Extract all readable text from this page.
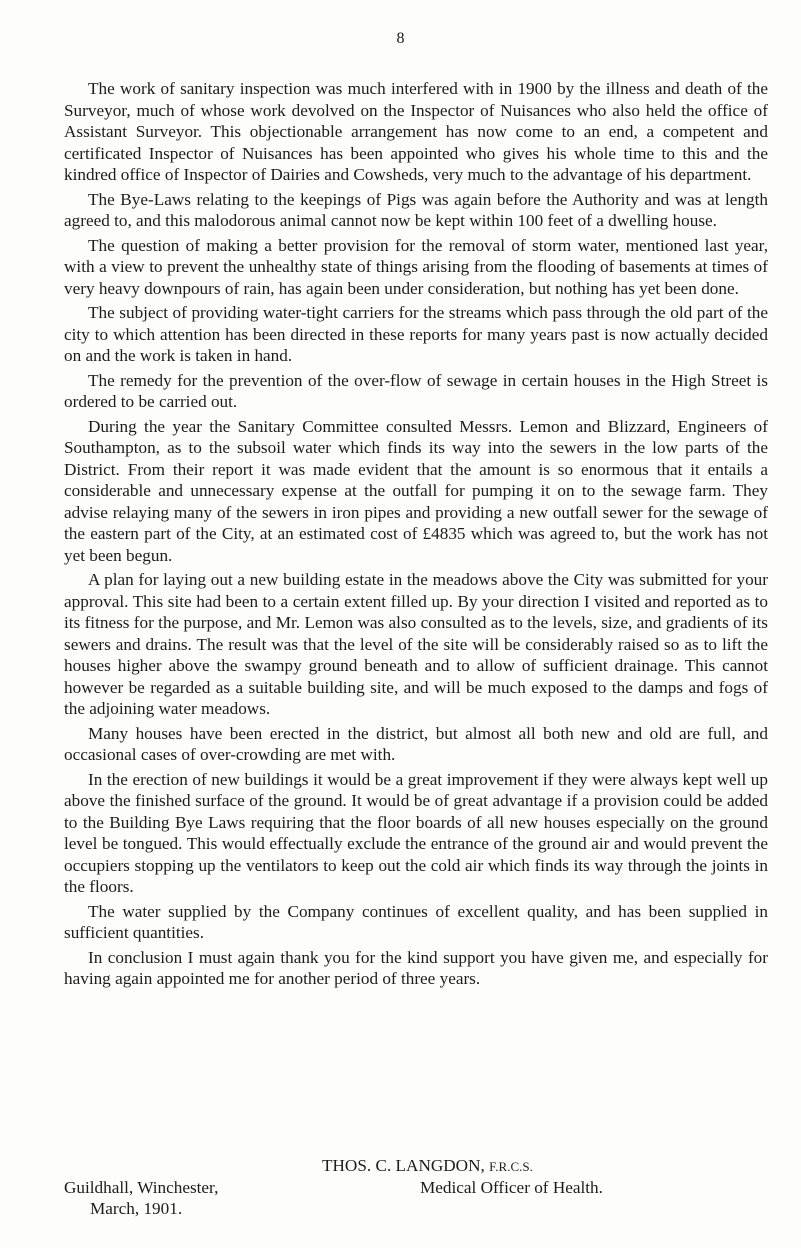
8

The work of sanitary inspection was much interfered with in 1900 by the illness and death of the Surveyor, much of whose work devolved on the Inspector of Nuisances who also held the office of Assistant Surveyor. This objectionable arrangement has now come to an end, a competent and certificated Inspector of Nuisances has been appointed who gives his whole time to this and the kindred office of Inspector of Dairies and Cowsheds, very much to the advantage of his department.

The Bye-Laws relating to the keepings of Pigs was again before the Authority and was at length agreed to, and this malodorous animal cannot now be kept within 100 feet of a dwelling house.

The question of making a better provision for the removal of storm water, mentioned last year, with a view to prevent the unhealthy state of things arising from the flooding of basements at times of very heavy downpours of rain, has again been under consideration, but nothing has yet been done.

The subject of providing water-tight carriers for the streams which pass through the old part of the city to which attention has been directed in these reports for many years past is now actually decided on and the work is taken in hand.

The remedy for the prevention of the over-flow of sewage in certain houses in the High Street is ordered to be carried out.

During the year the Sanitary Committee consulted Messrs. Lemon and Blizzard, Engineers of Southampton, as to the subsoil water which finds its way into the sewers in the low parts of the District. From their report it was made evident that the amount is so enormous that it entails a considerable and unnecessary expense at the outfall for pumping it on to the sewage farm. They advise relaying many of the sewers in iron pipes and providing a new outfall sewer for the sewage of the eastern part of the City, at an estimated cost of £4835 which was agreed to, but the work has not yet been begun.

A plan for laying out a new building estate in the meadows above the City was submitted for your approval. This site had been to a certain extent filled up. By your direction I visited and reported as to its fitness for the purpose, and Mr. Lemon was also consulted as to the levels, size, and gradients of its sewers and drains. The result was that the level of the site will be considerably raised so as to lift the houses higher above the swampy ground beneath and to allow of sufficient drainage. This cannot however be regarded as a suitable building site, and will be much exposed to the damps and fogs of the adjoining water meadows.

Many houses have been erected in the district, but almost all both new and old are full, and occasional cases of over-crowding are met with.

In the erection of new buildings it would be a great improvement if they were always kept well up above the finished surface of the ground. It would be of great advantage if a provision could be added to the Building Bye Laws requiring that the floor boards of all new houses especially on the ground level be tongued. This would effectually exclude the entrance of the ground air and would prevent the occupiers stopping up the ventilators to keep out the cold air which finds its way through the joints in the floors.

The water supplied by the Company continues of excellent quality, and has been supplied in sufficient quantities.

In conclusion I must again thank you for the kind support you have given me, and especially for having again appointed me for another period of three years.

THOS. C. LANGDON, F.R.C.S.
Guildhall, Winchester,	Medical Officer of Health.
March, 1901.
